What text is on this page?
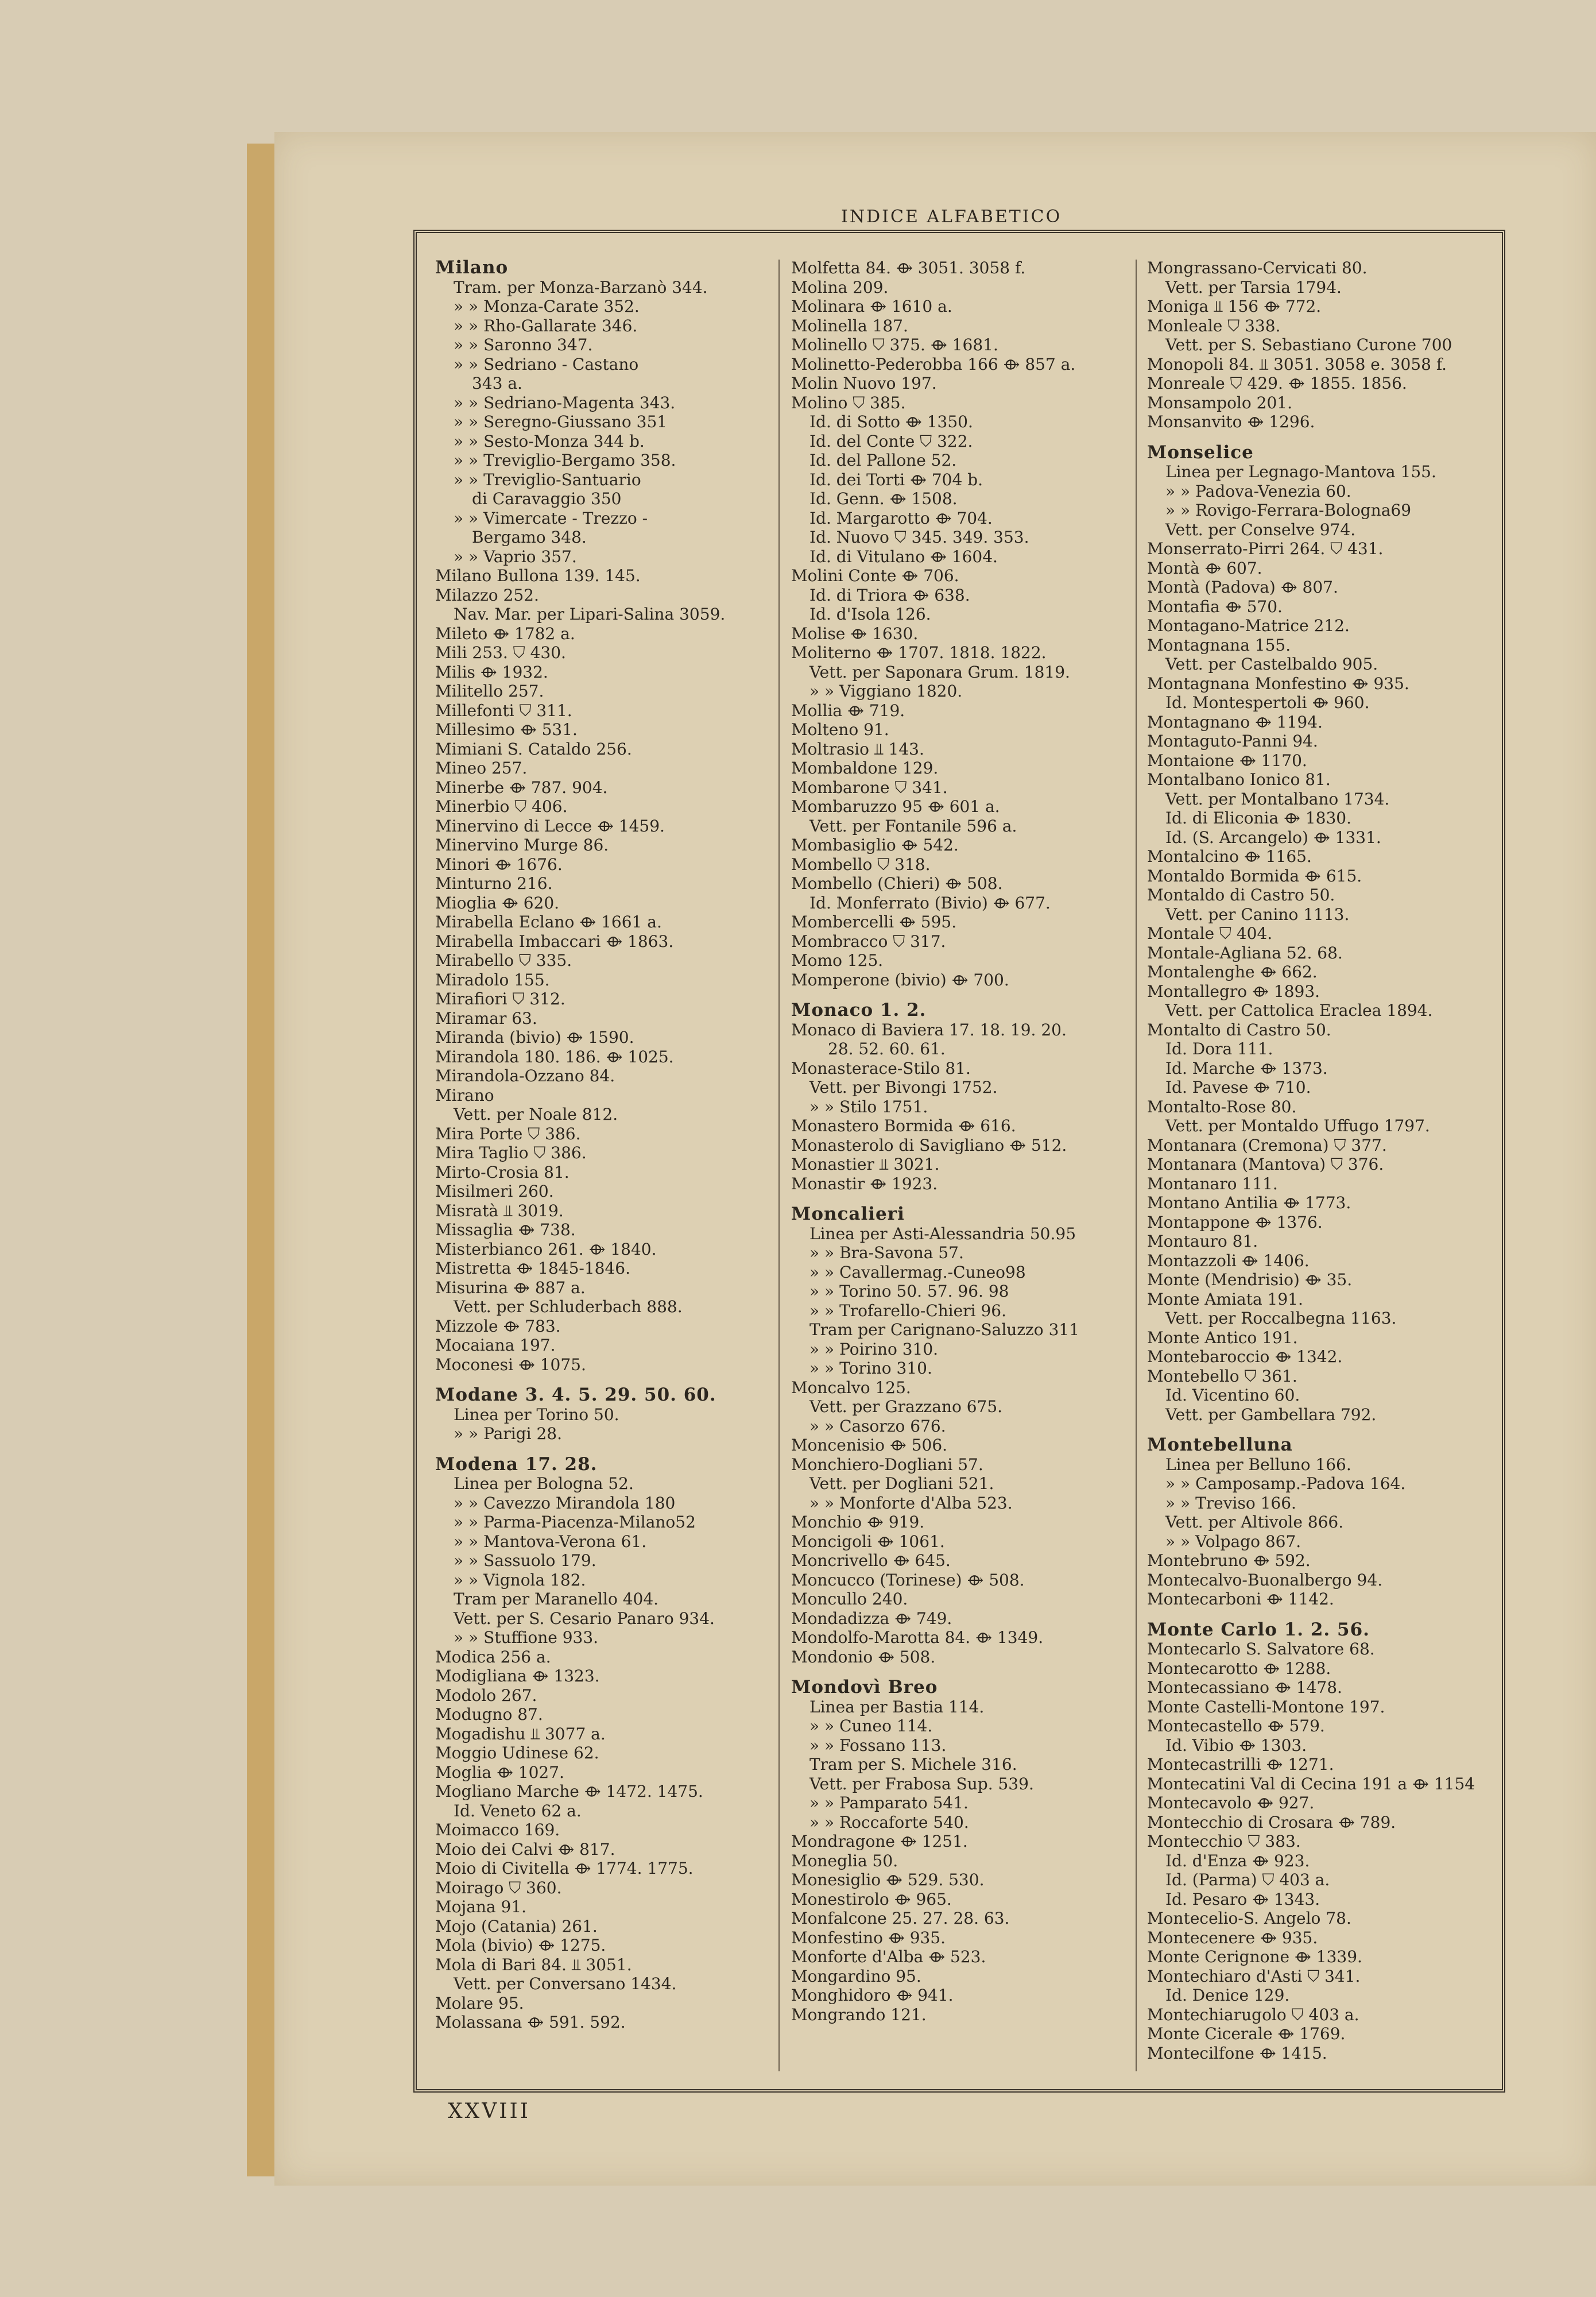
INDICE ALFABETICO
Milano
Tram. per Monza-Barzanò 344.
» » Monza-Carate 352.
» » Rho-Gallarate 346.
» » Saronno 347.
» » Sedriano - Castano
343 a.
» » Sedriano-Magenta 343.
» » Seregno-Giussano 351
» » Sesto-Monza 344 b.
» » Treviglio-Bergamo 358.
» » Treviglio-Santuario
di Caravaggio 350
» » Vimercate - Trezzo -
Bergamo 348.
» » Vaprio 357.
Milano Bullona 139. 145.
Milazzo 252.
Nav. Mar. per Lipari-Salina 3059.
Mileto ⟴ 1782 a.
Mili 253. ⛉ 430.
Milis ⟴ 1932.
Militello 257.
Millefonti ⛉ 311.
Millesimo ⟴ 531.
Mimiani S. Cataldo 256.
Mineo 257.
Minerbe ⟴ 787. 904.
Minerbio ⛉ 406.
Minervino di Lecce ⟴ 1459.
Minervino Murge 86.
Minori ⟴ 1676.
Minturno 216.
Mioglia ⟴ 620.
Mirabella Eclano ⟴ 1661 a.
Mirabella Imbaccari ⟴ 1863.
Mirabello ⛉ 335.
Miradolo 155.
Mirafiori ⛉ 312.
Miramar 63.
Miranda (bivio) ⟴ 1590.
Mirandola 180. 186. ⟴ 1025.
Mirandola-Ozzano 84.
Mirano
Vett. per Noale 812.
Mira Porte ⛉ 386.
Mira Taglio ⛉ 386.
Mirto-Crosia 81.
Misilmeri 260.
Misratà ⫫ 3019.
Missaglia ⟴ 738.
Misterbianco 261. ⟴ 1840.
Mistretta ⟴ 1845-1846.
Misurina ⟴ 887 a.
Vett. per Schluderbach 888.
Mizzole ⟴ 783.
Mocaiana 197.
Moconesi ⟴ 1075.
Modane 3. 4. 5. 29. 50. 60.
Linea per Torino 50.
» » Parigi 28.
Modena 17. 28.
Linea per Bologna 52.
» » Cavezzo Mirandola 180
» » Parma-Piacenza-Milano52
» » Mantova-Verona 61.
» » Sassuolo 179.
» » Vignola 182.
Tram per Maranello 404.
Vett. per S. Cesario Panaro 934.
» » Stuffione 933.
Modica 256 a.
Modigliana ⟴ 1323.
Modolo 267.
Modugno 87.
Mogadishu ⫫ 3077 a.
Moggio Udinese 62.
Moglia ⟴ 1027.
Mogliano Marche ⟴ 1472. 1475.
Id. Veneto 62 a.
Moimacco 169.
Moio dei Calvi ⟴ 817.
Moio di Civitella ⟴ 1774. 1775.
Moirago ⛉ 360.
Mojana 91.
Mojo (Catania) 261.
Mola (bivio) ⟴ 1275.
Mola di Bari 84. ⫫ 3051.
Vett. per Conversano 1434.
Molare 95.
Molassana ⟴ 591. 592.
Molfetta 84. ⟴ 3051. 3058 f.
Molina 209.
Molinara ⟴ 1610 a.
Molinella 187.
Molinello ⛉ 375. ⟴ 1681.
Molinetto-Pederobba 166 ⟴ 857 a.
Molin Nuovo 197.
Molino ⛉ 385.
Id. di Sotto ⟴ 1350.
Id. del Conte ⛉ 322.
Id. del Pallone 52.
Id. dei Torti ⟴ 704 b.
Id. Genn. ⟴ 1508.
Id. Margarotto ⟴ 704.
Id. Nuovo ⛉ 345. 349. 353.
Id. di Vitulano ⟴ 1604.
Molini Conte ⟴ 706.
Id. di Triora ⟴ 638.
Id. d'Isola 126.
Molise ⟴ 1630.
Moliterno ⟴ 1707. 1818. 1822.
Vett. per Saponara Grum. 1819.
» » Viggiano 1820.
Mollia ⟴ 719.
Molteno 91.
Moltrasio ⫫ 143.
Mombaldone 129.
Mombarone ⛉ 341.
Mombaruzzo 95 ⟴ 601 a.
Vett. per Fontanile 596 a.
Mombasiglio ⟴ 542.
Mombello ⛉ 318.
Mombello (Chieri) ⟴ 508.
Id. Monferrato (Bivio) ⟴ 677.
Mombercelli ⟴ 595.
Mombracco ⛉ 317.
Momo 125.
Momperone (bivio) ⟴ 700.
Monaco 1. 2.
Monaco di Baviera 17. 18. 19. 20.
28. 52. 60. 61.
Monasterace-Stilo 81.
Vett. per Bivongi 1752.
» » Stilo 1751.
Monastero Bormida ⟴ 616.
Monasterolo di Savigliano ⟴ 512.
Monastier ⫫ 3021.
Monastir ⟴ 1923.
Moncalieri
Linea per Asti-Alessandria 50.95
» » Bra-Savona 57.
» » Cavallermag.-Cuneo98
» » Torino 50. 57. 96. 98
» » Trofarello-Chieri 96.
Tram per Carignano-Saluzzo 311
» » Poirino 310.
» » Torino 310.
Moncalvo 125.
Vett. per Grazzano 675.
» » Casorzo 676.
Moncenisio ⟴ 506.
Monchiero-Dogliani 57.
Vett. per Dogliani 521.
» » Monforte d'Alba 523.
Monchio ⟴ 919.
Moncigoli ⟴ 1061.
Moncrivello ⟴ 645.
Moncucco (Torinese) ⟴ 508.
Moncullo 240.
Mondadizza ⟴ 749.
Mondolfo-Marotta 84. ⟴ 1349.
Mondonio ⟴ 508.
Mondovì Breo
Linea per Bastia 114.
» » Cuneo 114.
» » Fossano 113.
Tram per S. Michele 316.
Vett. per Frabosa Sup. 539.
» » Pamparato 541.
» » Roccaforte 540.
Mondragone ⟴ 1251.
Moneglia 50.
Monesiglio ⟴ 529. 530.
Monestirolo ⟴ 965.
Monfalcone 25. 27. 28. 63.
Monfestino ⟴ 935.
Monforte d'Alba ⟴ 523.
Mongardino 95.
Monghidoro ⟴ 941.
Mongrando 121.
Mongrassano-Cervicati 80.
Vett. per Tarsia 1794.
Moniga ⫫ 156 ⟴ 772.
Monleale ⛉ 338.
Vett. per S. Sebastiano Curone 700
Monopoli 84. ⫫ 3051. 3058 e. 3058 f.
Monreale ⛉ 429. ⟴ 1855. 1856.
Monsampolo 201.
Monsanvito ⟴ 1296.
Monselice
Linea per Legnago-Mantova 155.
» » Padova-Venezia 60.
» » Rovigo-Ferrara-Bologna69
Vett. per Conselve 974.
Monserrato-Pirri 264. ⛉ 431.
Montà ⟴ 607.
Montà (Padova) ⟴ 807.
Montafia ⟴ 570.
Montagano-Matrice 212.
Montagnana 155.
Vett. per Castelbaldo 905.
Montagnana Monfestino ⟴ 935.
Id. Montespertoli ⟴ 960.
Montagnano ⟴ 1194.
Montaguto-Panni 94.
Montaione ⟴ 1170.
Montalbano Ionico 81.
Vett. per Montalbano 1734.
Id. di Eliconia ⟴ 1830.
Id. (S. Arcangelo) ⟴ 1331.
Montalcino ⟴ 1165.
Montaldo Bormida ⟴ 615.
Montaldo di Castro 50.
Vett. per Canino 1113.
Montale ⛉ 404.
Montale-Agliana 52. 68.
Montalenghe ⟴ 662.
Montallegro ⟴ 1893.
Vett. per Cattolica Eraclea 1894.
Montalto di Castro 50.
Id. Dora 111.
Id. Marche ⟴ 1373.
Id. Pavese ⟴ 710.
Montalto-Rose 80.
Vett. per Montaldo Uffugo 1797.
Montanara (Cremona) ⛉ 377.
Montanara (Mantova) ⛉ 376.
Montanaro 111.
Montano Antilia ⟴ 1773.
Montappone ⟴ 1376.
Montauro 81.
Montazzoli ⟴ 1406.
Monte (Mendrisio) ⟴ 35.
Monte Amiata 191.
Vett. per Roccalbegna 1163.
Monte Antico 191.
Montebaroccio ⟴ 1342.
Montebello ⛉ 361.
Id. Vicentino 60.
Vett. per Gambellara 792.
Montebelluna
Linea per Belluno 166.
» » Camposamp.-Padova 164.
» » Treviso 166.
Vett. per Altivole 866.
» » Volpago 867.
Montebruno ⟴ 592.
Montecalvo-Buonalbergo 94.
Montecarboni ⟴ 1142.
Monte Carlo 1. 2. 56.
Montecarlo S. Salvatore 68.
Montecarotto ⟴ 1288.
Montecassiano ⟴ 1478.
Monte Castelli-Montone 197.
Montecastello ⟴ 579.
Id. Vibio ⟴ 1303.
Montecastrilli ⟴ 1271.
Montecatini Val di Cecina 191 a ⟴ 1154
Montecavolo ⟴ 927.
Montecchio di Crosara ⟴ 789.
Montecchio ⛉ 383.
Id. d'Enza ⟴ 923.
Id. (Parma) ⛉ 403 a.
Id. Pesaro ⟴ 1343.
Montecelio-S. Angelo 78.
Montecenere ⟴ 935.
Monte Cerignone ⟴ 1339.
Montechiaro d'Asti ⛉ 341.
Id. Denice 129.
Montechiarugolo ⛉ 403 a.
Monte Cicerale ⟴ 1769.
Montecilfone ⟴ 1415.
XXVIII
